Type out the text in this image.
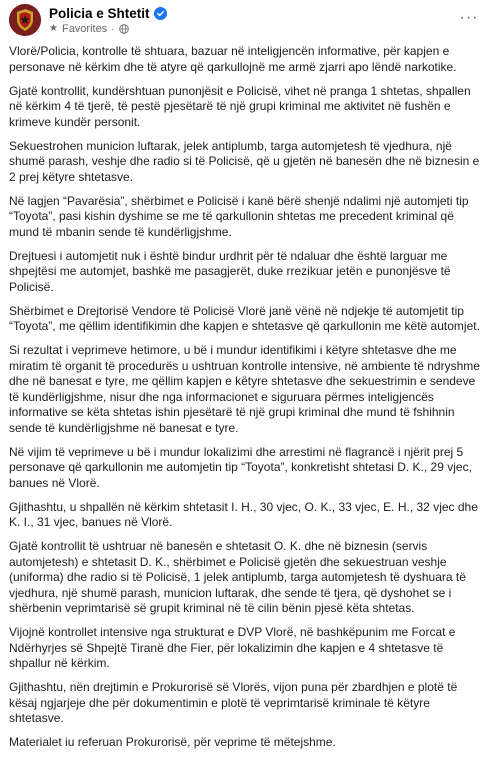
Policia e Shtetit
★ Favorites ·
···

Vlorë/Policia, kontrolle të shtuara, bazuar në inteligjencën informative, për kapjen e personave në kërkim dhe të atyre që qarkullojnë me armë zjarri apo lëndë narkotike.

Gjatë kontrollit, kundërshtuan punonjësit e Policisë, vihet në pranga 1 shtetas, shpallen në kërkim 4 të tjerë, të pestë pjesëtarë të një grupi kriminal me aktivitet në fushën e krimeve kundër personit.

Sekuestrohen municion luftarak, jelek antiplumb, targa automjetesh të vjedhura, një shumë parash, veshje dhe radio si të Policisë, që u gjetën në banesën dhe në biznesin e 2 prej këtyre shtetasve.

Në lagjen “Pavarësia”, shërbimet e Policisë i kanë bërë shenjë ndalimi një automjeti tip “Toyota”, pasi kishin dyshime se me të qarkullonin shtetas me precedent kriminal që mund të mbanin sende të kundërligjshme.

Drejtuesi i automjetit nuk i është bindur urdhrit për të ndaluar dhe është larguar me shpejtësi me automjet, bashkë me pasagjerët, duke rrezikuar jetën e punonjësve të Policisë.

Shërbimet e Drejtorisë Vendore të Policisë Vlorë janë vënë në ndjekje të automjetit tip “Toyota”, me qëllim identifikimin dhe kapjen e shtetasve që qarkullonin me këtë automjet.

Si rezultat i veprimeve hetimore, u bë i mundur identifikimi i këtyre shtetasve dhe me miratim të organit të procedurës u ushtruan kontrolle intensive, në ambiente të ndryshme dhe në banesat e tyre, me qëllim kapjen e këtyre shtetasve dhe sekuestrimin e sendeve të kundërligjshme, nisur dhe nga informacionet e siguruara përmes inteligjencës informative se këta shtetas ishin pjesëtarë të një grupi kriminal dhe mund të fshihnin sende të kundërligjshme në banesat e tyre.

Në vijim të veprimeve u bë i mundur lokalizimi dhe arrestimi në flagrancë i njërit prej 5 personave që qarkullonin me automjetin tip “Toyota”, konkretisht shtetasi D. K., 29 vjec, banues në Vlorë.

Gjithashtu, u shpallën në kërkim shtetasit I. H., 30 vjec, O. K., 33 vjec, E. H., 32 vjec dhe K. I., 31 vjec, banues në Vlorë.

Gjatë kontrollit të ushtruar në banesën e shtetasit O. K. dhe në biznesin (servis automjetesh) e shtetasit D. K., shërbimet e Policisë gjetën dhe sekuestruan veshje (uniforma) dhe radio si të Policisë, 1 jelek antiplumb, targa automjetesh të dyshuara të vjedhura, një shumë parash, municion luftarak, dhe sende të tjera, që dyshohet se i shërbenin veprimtarisë së grupit kriminal në të cilin bënin pjesë këta shtetas.

Vijojnë kontrollet intensive nga strukturat e DVP Vlorë, në bashkëpunim me Forcat e Ndërhyrjes së Shpejtë Tiranë dhe Fier, për lokalizimin dhe kapjen e 4 shtetasve të shpallur në kërkim.

Gjithashtu, nën drejtimin e Prokurorisë së Vlorës, vijon puna për zbardhjen e plotë të kësaj ngjarjeje dhe për dokumentimin e plotë të veprimtarisë kriminale të këtyre shtetasve.

Materialet iu referuan Prokurorisë, për veprime të mëtejshme.
